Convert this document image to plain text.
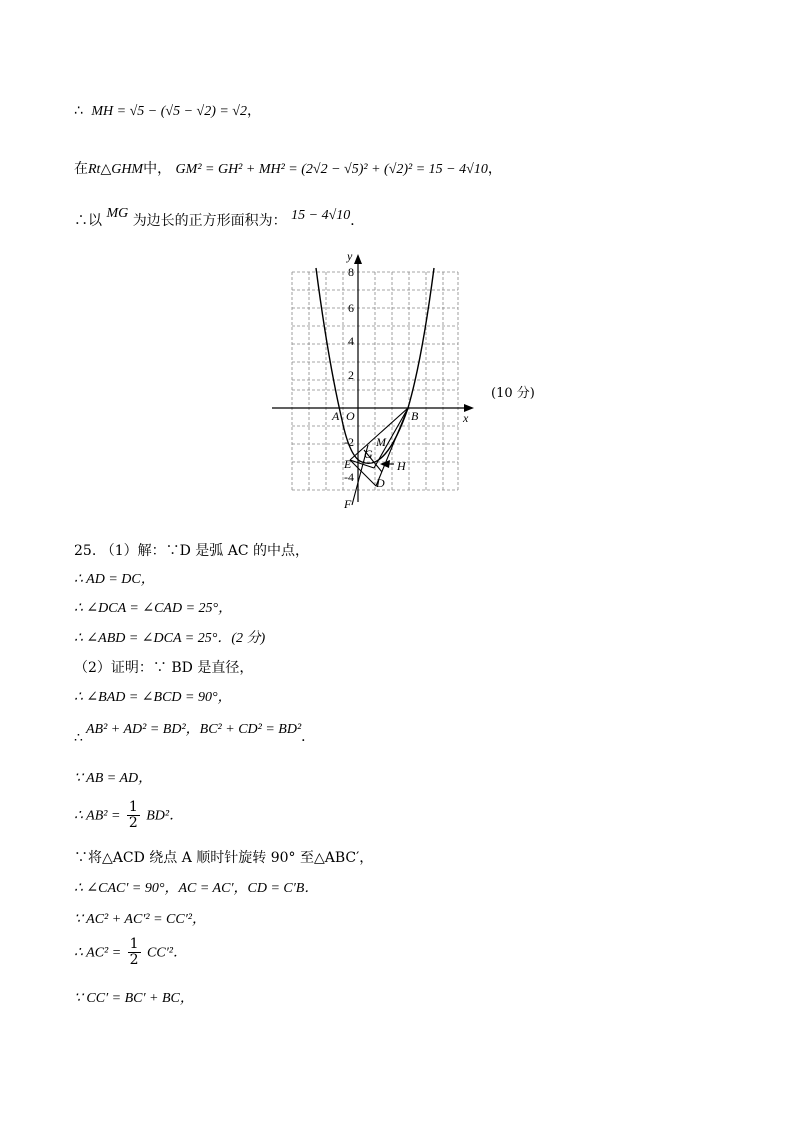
∴ MH = √5 − (√5 − √2) = √2，
在Rt△GHM中， GM² = GH² + MH² = (2√2 − √5)² + (√2)² = 15 − 4√10，
∴以 MG 为边长的正方形面积为： 15 − 4√10．
y
x
8
6
4
2
-2
-4
A O	B
M
G
E	H
D
F
(10 分)
25. （1）解：∵D 是弧 AC 的中点，
∴ AD = DC，
∴ ∠DCA = ∠CAD = 25°，
∴ ∠ABD = ∠DCA = 25°．(2 分)
（2）证明：∵ BD 是直径，
∴ ∠BAD = ∠BCD = 90°，
AB² + AD² = BD²，BC² + CD² = BD²．
∴
∵ AB = AD，
∴ $AB^2 = \frac{1}{2} BD^2$．
∵将△ACD 绕点 A 顺时针旋转 90° 至△ABC′，
∴ ∠CAC′ = 90°，AC = AC′，CD = C′B．
∵ AC² + AC′² = CC′²，
∴ $AC^2 = \frac{1}{2} CC'^2$．
∵ CC′ = BC′ + BC，
